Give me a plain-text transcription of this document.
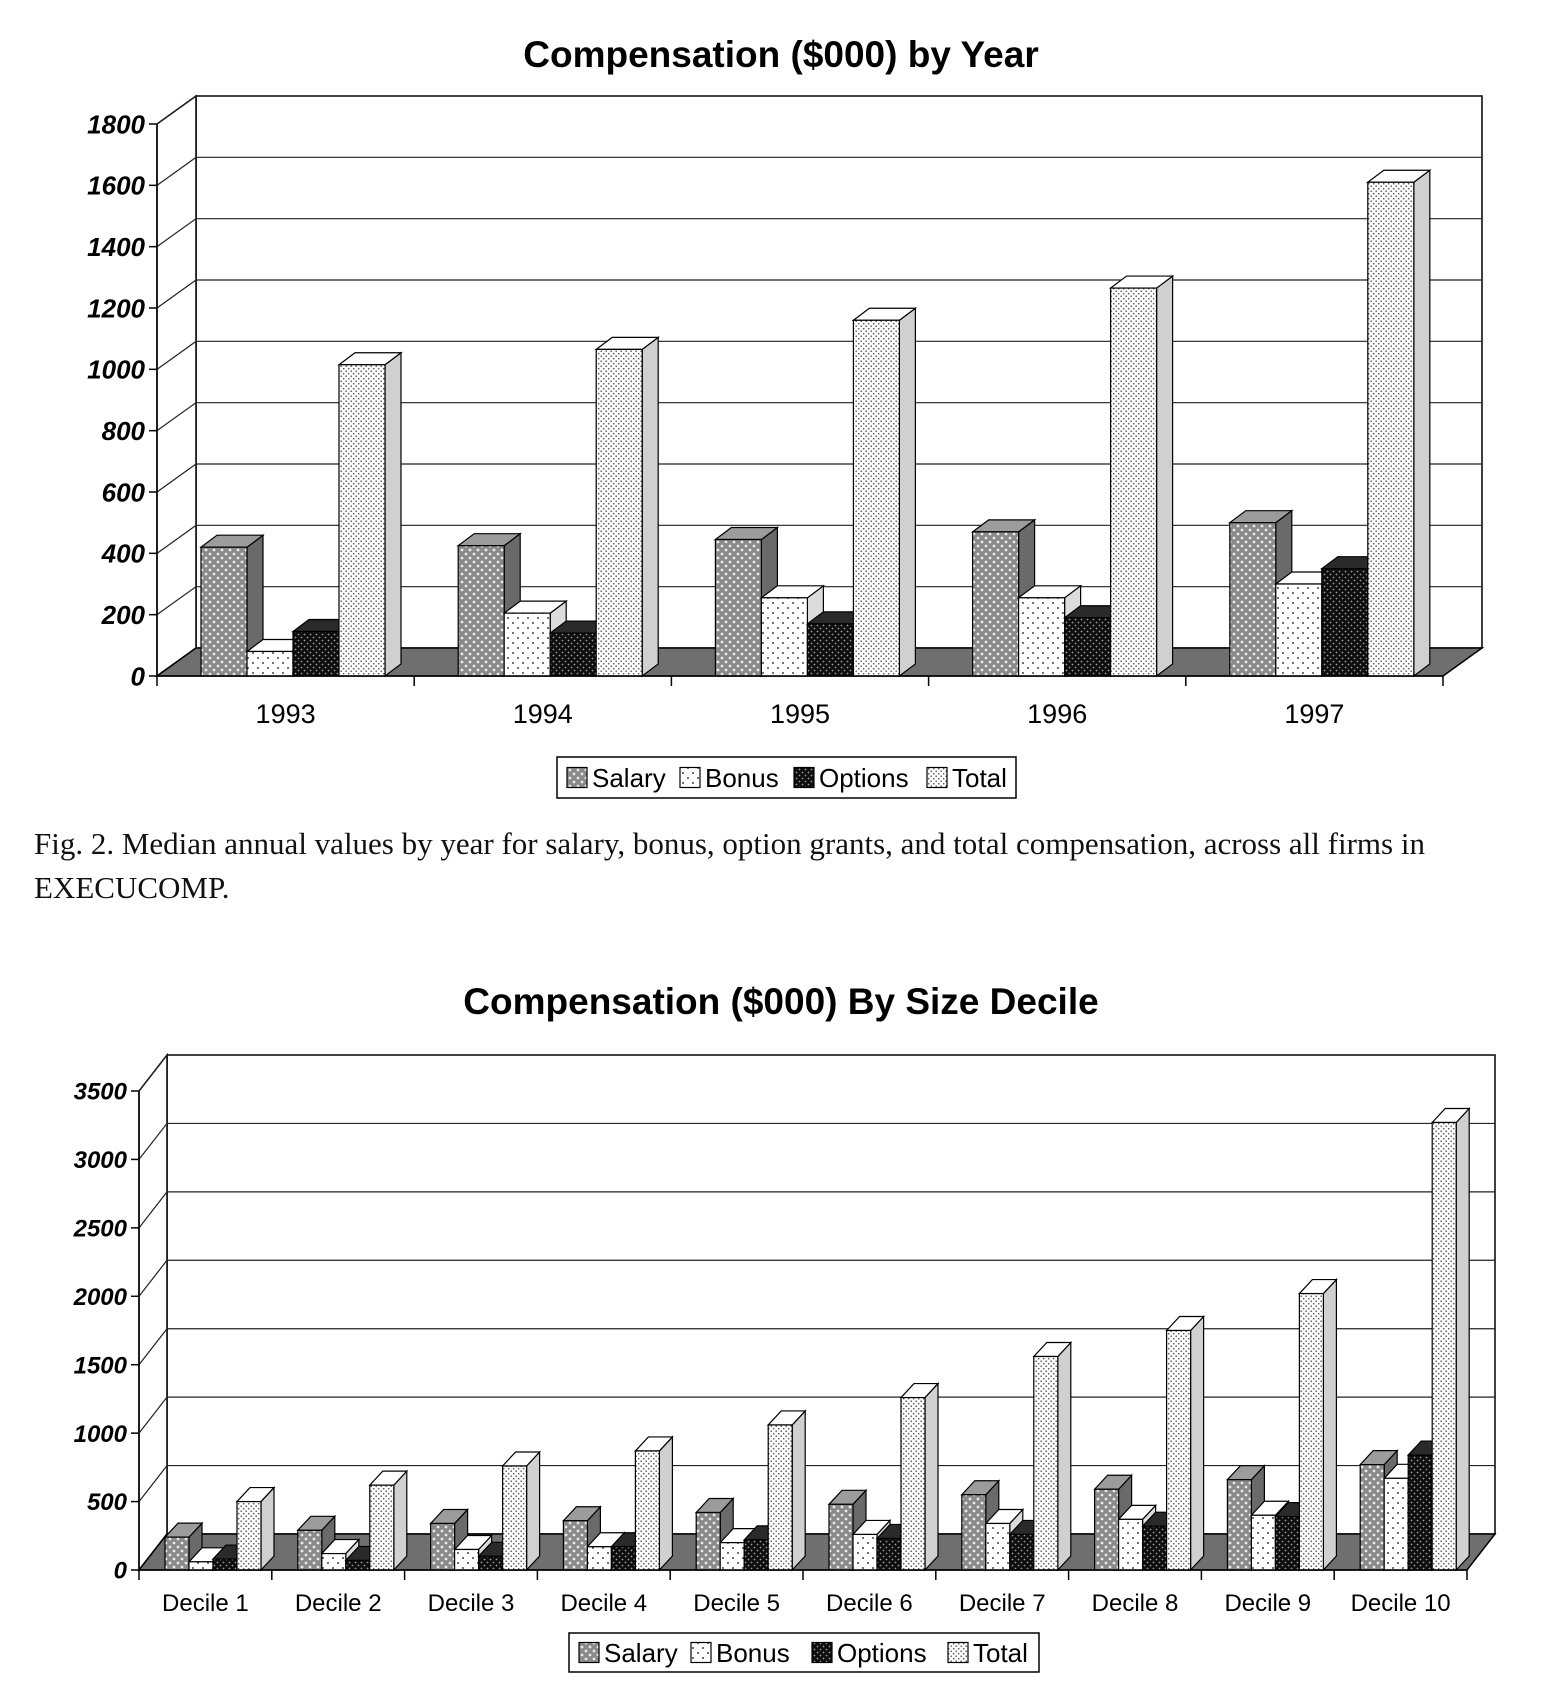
Compensation ($000) by Year
0
200
400
600
800
1000
1200
1400
1600
1800
1993	1994	1995	1996	1997
Salary Bonus Options Total
Fig. 2. Median annual values by year for salary, bonus, option grants, and total compensation, across all firms in EXECUCOMP.
Compensation ($000) By Size Decile
0
500
1000
1500
2000
2500
3000
3500
Decile 1 Decile 2 Decile 3 Decile 4 Decile 5 Decile 6 Decile 7 Decile 8 Decile 9 Decile 10
Salary Bonus Options Total
